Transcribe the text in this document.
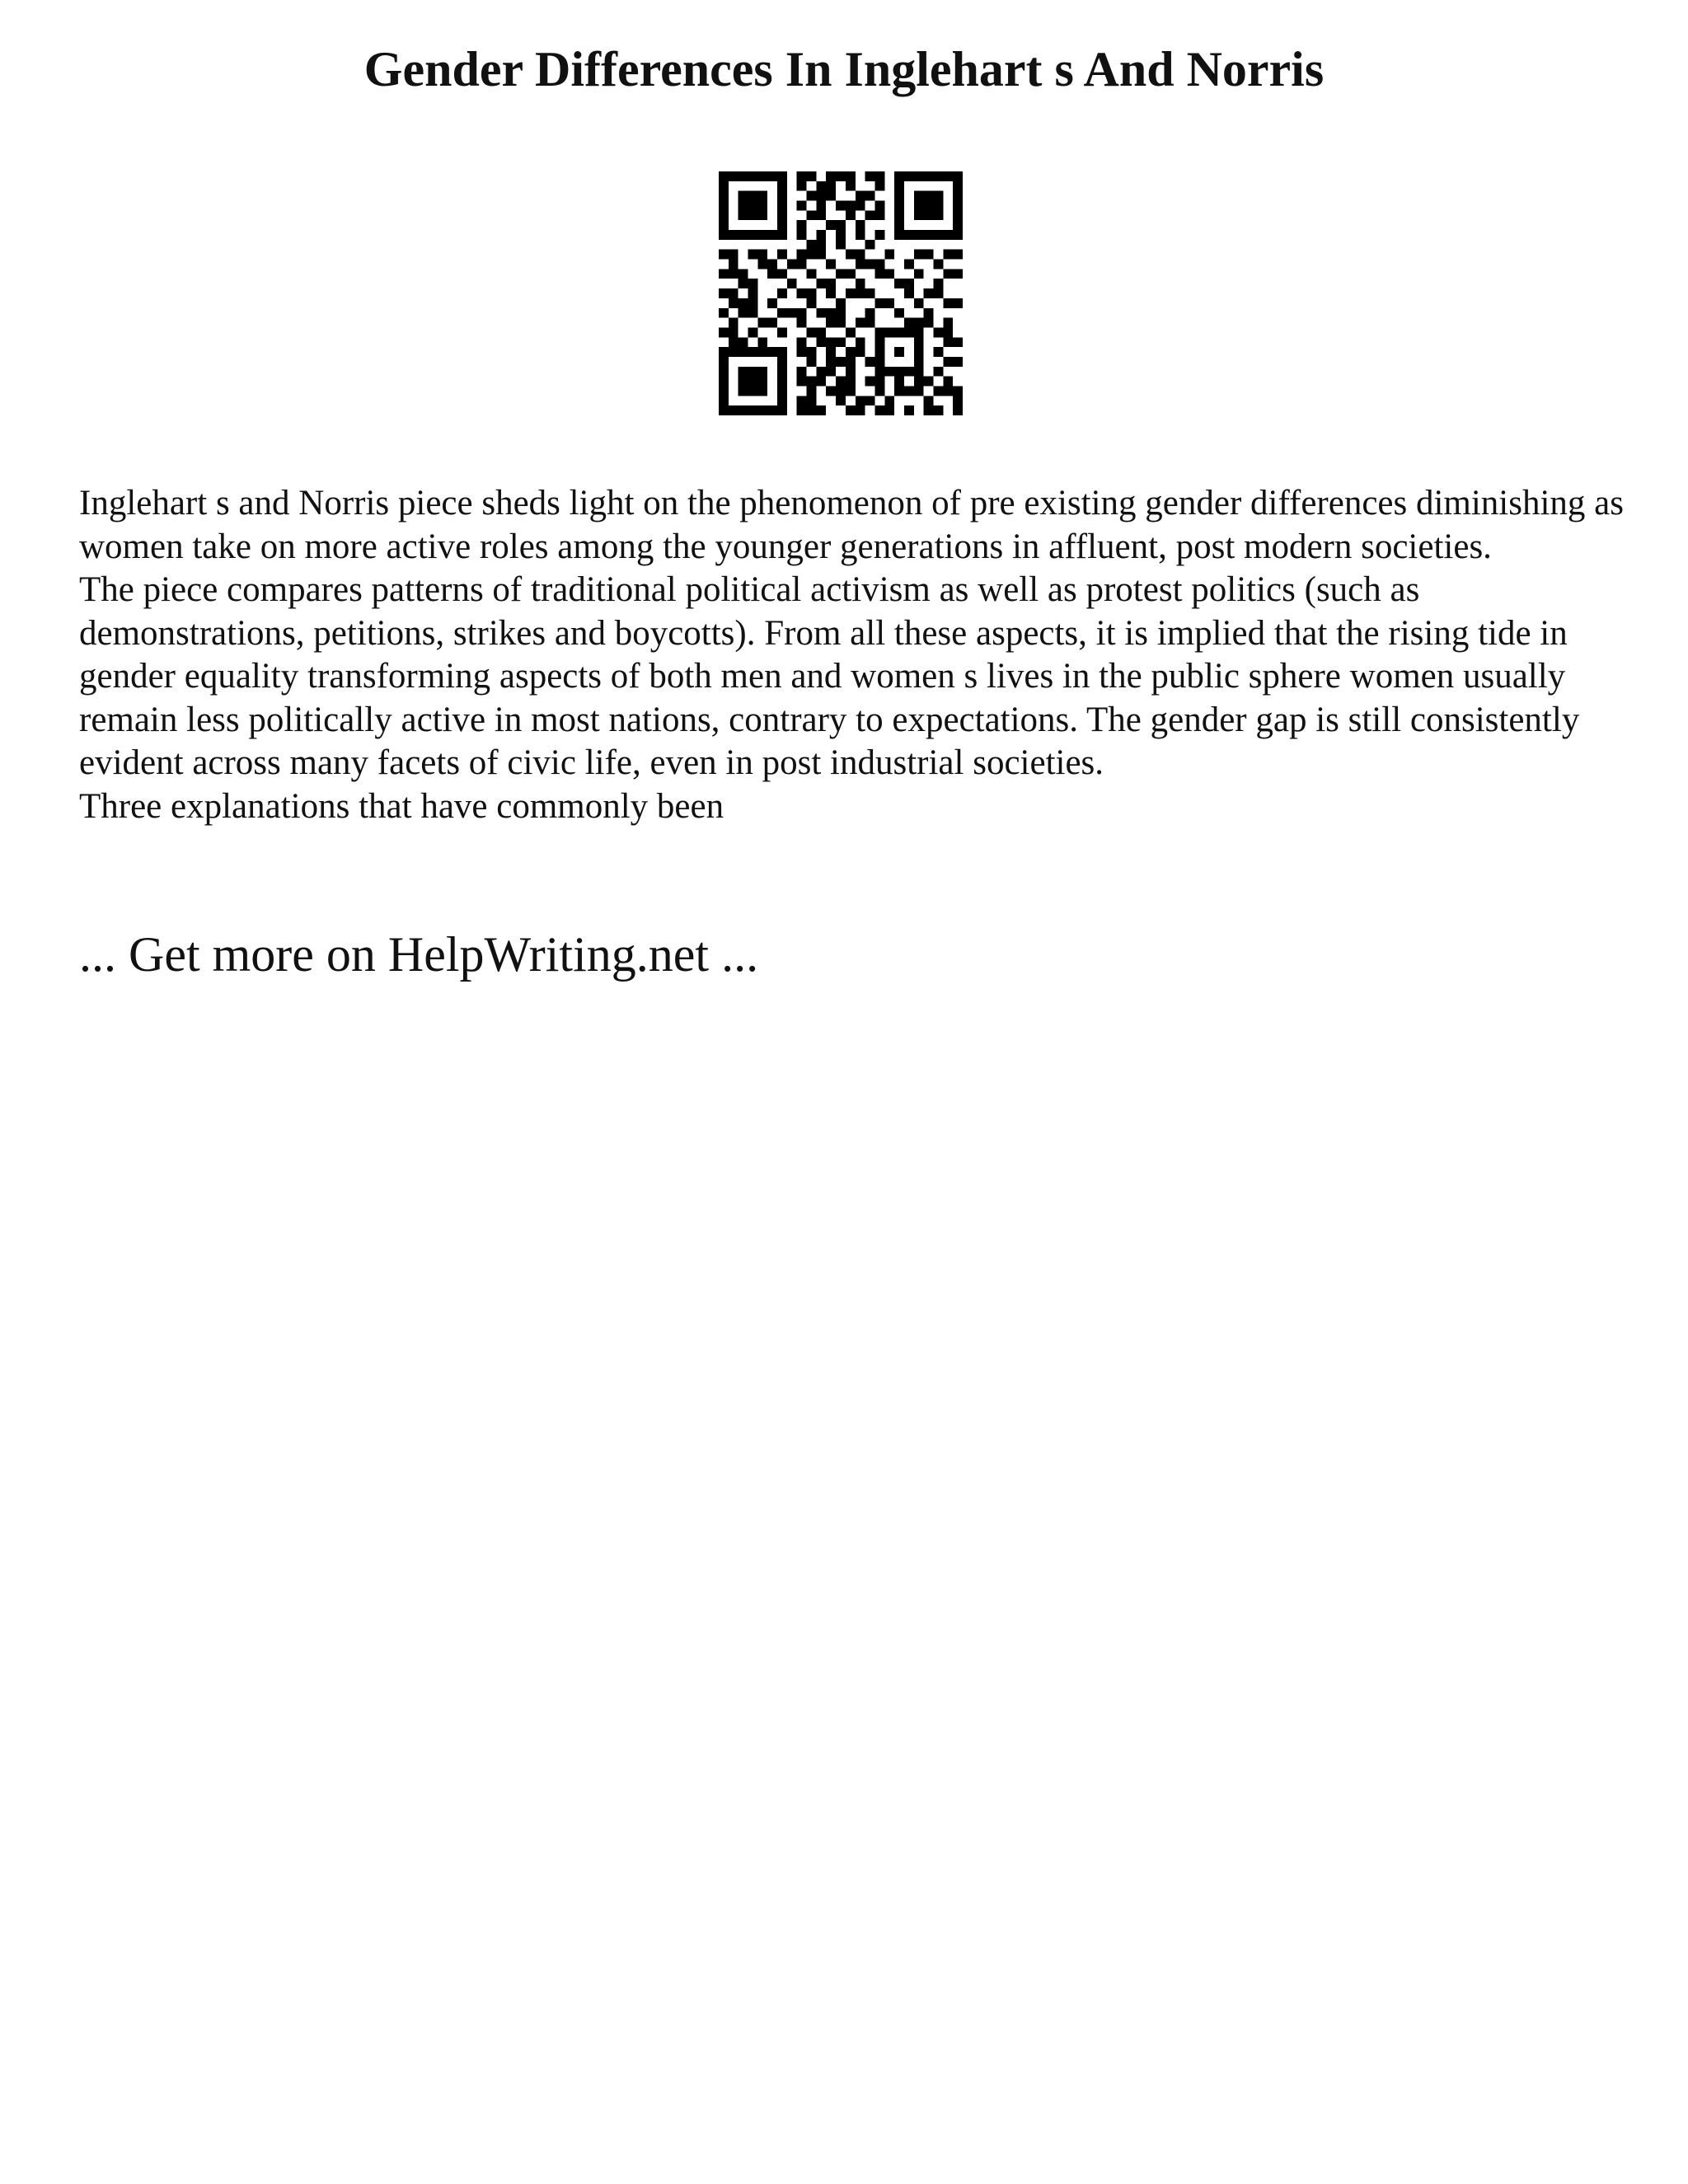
Gender Differences In Inglehart s And Norris

Inglehart s and Norris piece sheds light on the phenomenon of pre existing gender differences diminishing as women take on more active roles among the younger generations in affluent, post modern societies.

The piece compares patterns of traditional political activism as well as protest politics (such as demonstrations, petitions, strikes and boycotts). From all these aspects, it is implied that the rising tide in gender equality transforming aspects of both men and women s lives in the public sphere women usually remain less politically active in most nations, contrary to expectations. The gender gap is still consistently evident across many facets of civic life, even in post industrial societies.

Three explanations that have commonly been

... Get more on HelpWriting.net ...
